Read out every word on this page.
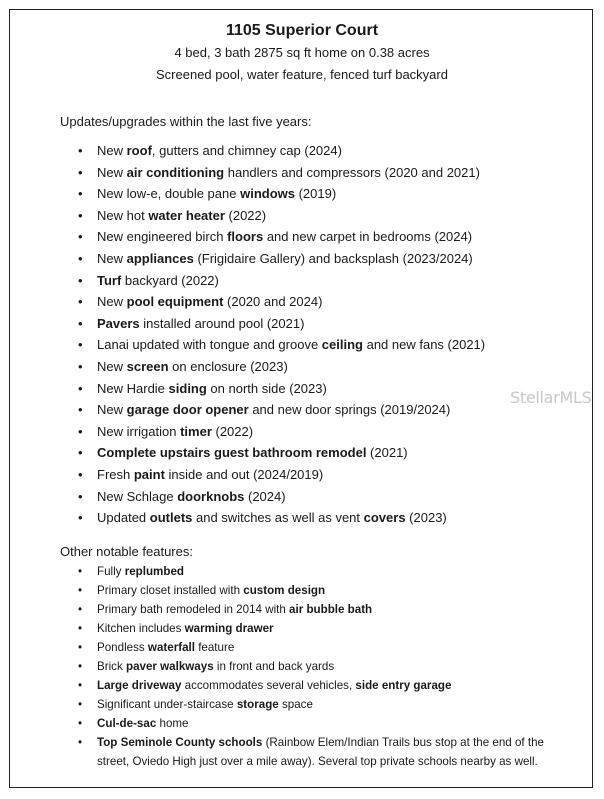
1105 Superior Court
4 bed, 3 bath 2875 sq ft home on 0.38 acres
Screened pool, water feature, fenced turf backyard
Updates/upgrades within the last five years:
• New roof, gutters and chimney cap (2024)
• New air conditioning handlers and compressors (2020 and 2021)
• New low-e, double pane windows (2019)
• New hot water heater (2022)
• New engineered birch floors and new carpet in bedrooms (2024)
• New appliances (Frigidaire Gallery) and backsplash (2023/2024)
• Turf backyard (2022)
• New pool equipment (2020 and 2024)
• Pavers installed around pool (2021)
• Lanai updated with tongue and groove ceiling and new fans (2021)
• New screen on enclosure (2023)
• New Hardie siding on north side (2023)
• New garage door opener and new door springs (2019/2024)
• New irrigation timer (2022)
• Complete upstairs guest bathroom remodel (2021)
• Fresh paint inside and out (2024/2019)
• New Schlage doorknobs (2024)
• Updated outlets and switches as well as vent covers (2023)
Other notable features:
• Fully replumbed
• Primary closet installed with custom design
• Primary bath remodeled in 2014 with air bubble bath
• Kitchen includes warming drawer
• Pondless waterfall feature
• Brick paver walkways in front and back yards
• Large driveway accommodates several vehicles, side entry garage
• Significant under-staircase storage space
• Cul-de-sac home
• Top Seminole County schools (Rainbow Elem/Indian Trails bus stop at the end of the street, Oviedo High just over a mile away). Several top private schools nearby as well.
StellarMLS
